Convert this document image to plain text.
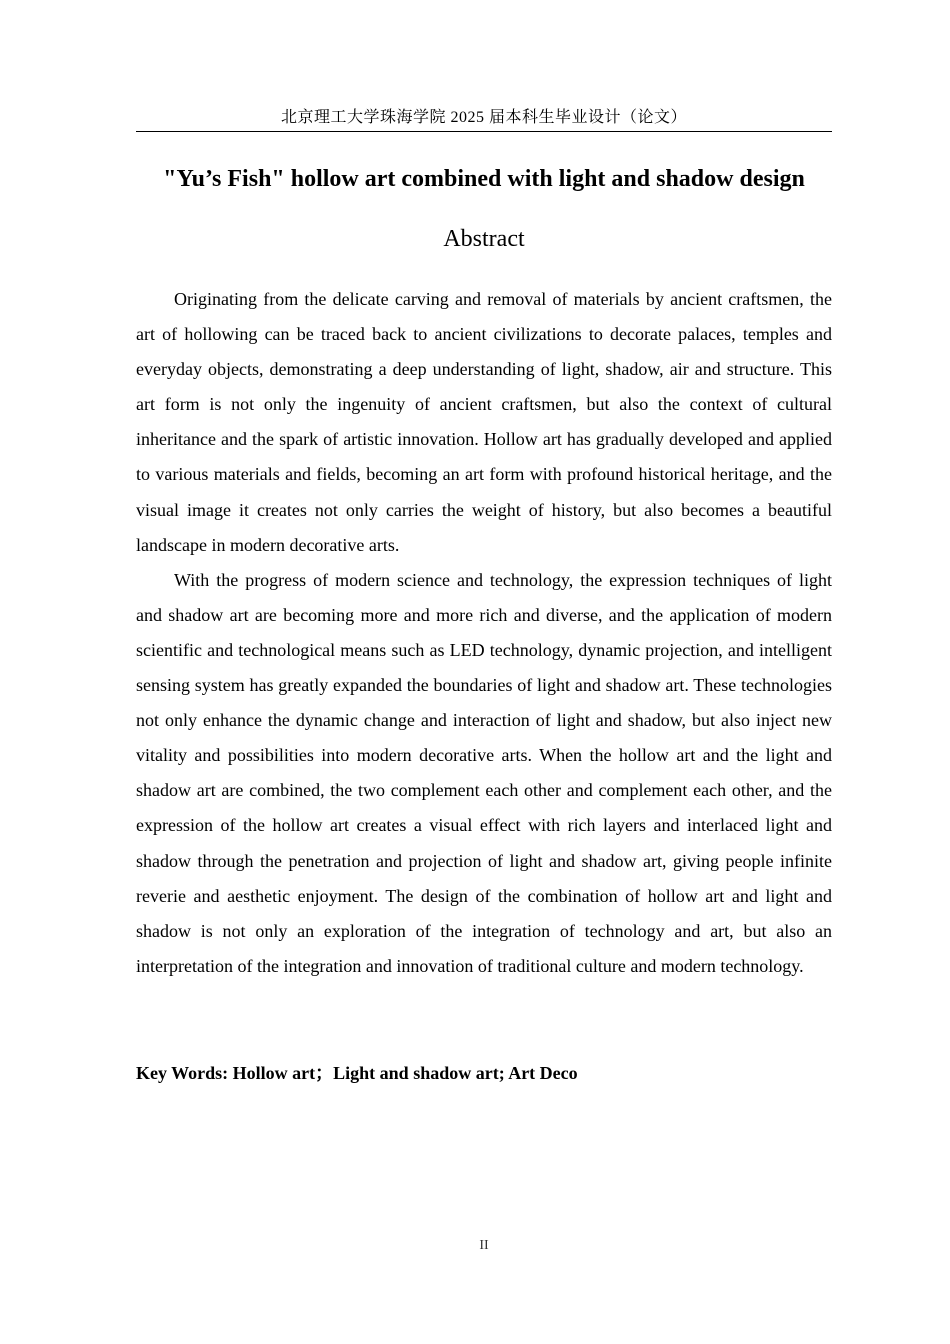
北京理工大学珠海学院 2025 届本科生毕业设计（论文）
"Yu’s Fish" hollow art combined with light and shadow design
Abstract

Originating from the delicate carving and removal of materials by ancient craftsmen, the art of hollowing can be traced back to ancient civilizations to decorate palaces, temples and everyday objects, demonstrating a deep understanding of light, shadow, air and structure. This art form is not only the ingenuity of ancient craftsmen, but also the context of cultural inheritance and the spark of artistic innovation. Hollow art has gradually developed and applied to various materials and fields, becoming an art form with profound historical heritage, and the visual image it creates not only carries the weight of history, but also becomes a beautiful landscape in modern decorative arts.

With the progress of modern science and technology, the expression techniques of light and shadow art are becoming more and more rich and diverse, and the application of modern scientific and technological means such as LED technology, dynamic projection, and intelligent sensing system has greatly expanded the boundaries of light and shadow art. These technologies not only enhance the dynamic change and interaction of light and shadow, but also inject new vitality and possibilities into modern decorative arts. When the hollow art and the light and shadow art are combined, the two complement each other and complement each other, and the expression of the hollow art creates a visual effect with rich layers and interlaced light and shadow through the penetration and projection of light and shadow art, giving people infinite reverie and aesthetic enjoyment. The design of the combination of hollow art and light and shadow is not only an exploration of the integration of technology and art, but also an interpretation of the integration and innovation of traditional culture and modern technology.

Key Words: Hollow art；Light and shadow art; Art Deco
II
